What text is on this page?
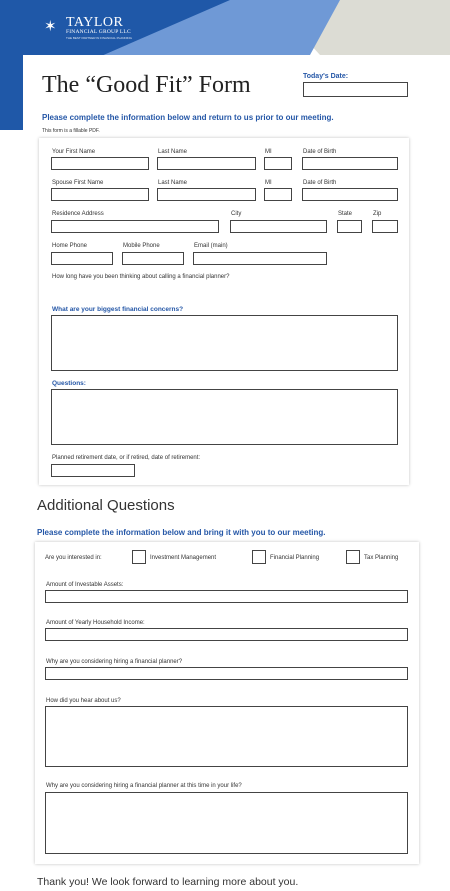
✶ TAYLOR
FINANCIAL GROUP LLC
THE BEST PARTNER IN FINANCIAL PLANNING
The “Good Fit” Form	Today's Date:
Please complete the information below and return to us prior to our meeting.
This form is a fillable PDF.
Your First Name	Last Name	MI	Date of Birth
Spouse First Name	Last Name	MI	Date of Birth
Residence Address	City	State	Zip
Home Phone	Mobile Phone	Email (main)
How long have you been thinking about calling a financial planner?
What are your biggest financial concerns?
Questions:
Planned retirement date, or if retired, date of retirement:
Additional Questions
Please complete the information below and bring it with you to our meeting.
Are you interested in:	Investment Management	Financial Planning	Tax Planning
Amount of Investable Assets:
Amount of Yearly Household Income:
Why are you considering hiring a financial planner?
How did you hear about us?
Why are you considering hiring a financial planner at this time in your life?
Thank you! We look forward to learning more about you.
